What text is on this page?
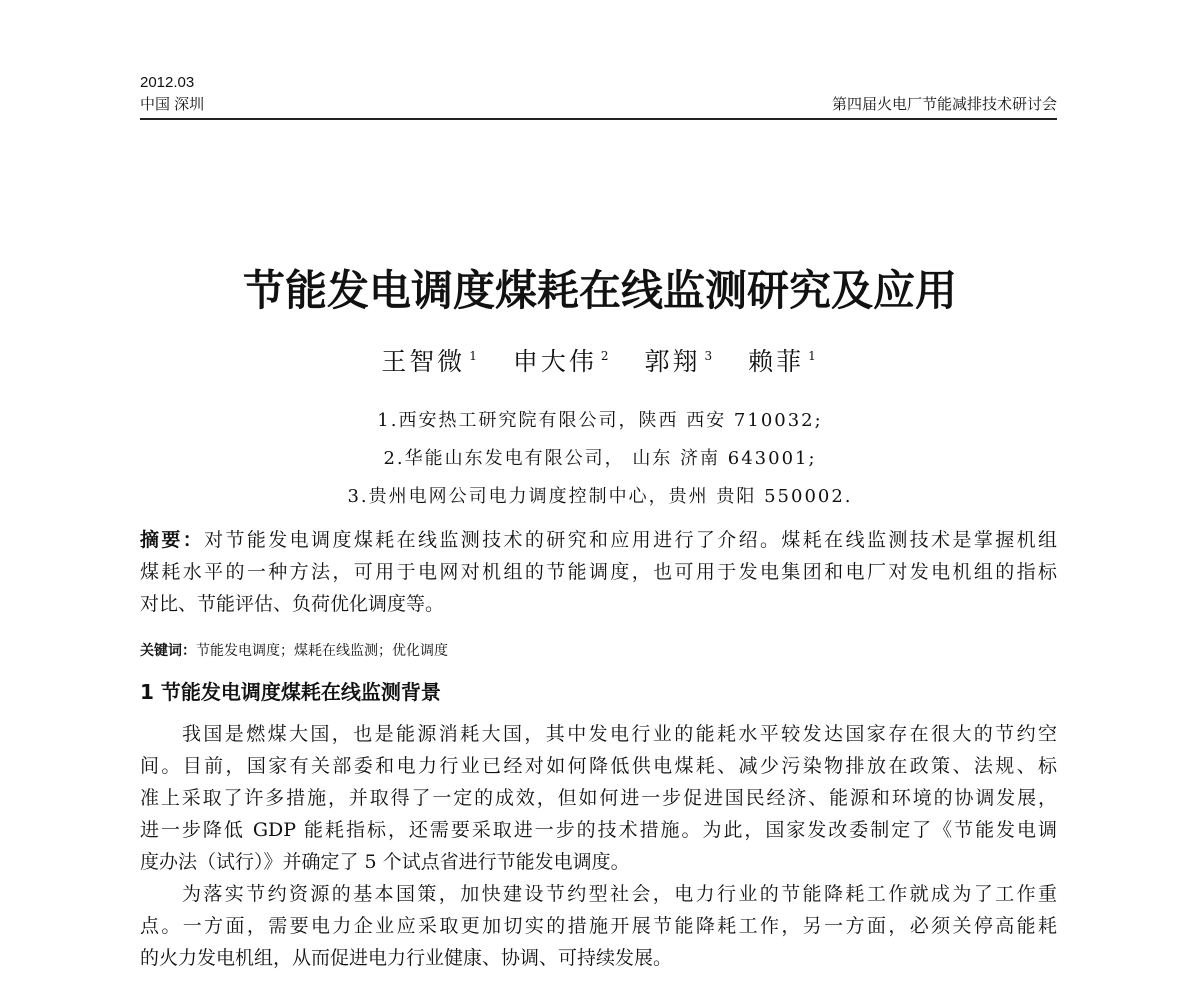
2012.03
中国 深圳	第四届火电厂节能减排技术研讨会
节能发电调度煤耗在线监测研究及应用
王智微 $^1$ 申大伟 $^2$ 郭翔 $^3$ 赖菲 $^1$
1.西安热工研究院有限公司，陕西 西安 710032;
2.华能山东发电有限公司， 山东 济南 643001;
3.贵州电网公司电力调度控制中心，贵州 贵阳 550002.
摘要：对节能发电调度煤耗在线监测技术的研究和应用进行了介绍。煤耗在线监测技术是掌握机组
煤耗水平的一种方法，可用于电网对机组的节能调度，也可用于发电集团和电厂对发电机组的指标
对比、节能评估、负荷优化调度等。
关键词：节能发电调度；煤耗在线监测；优化调度
1 节能发电调度煤耗在线监测背景
我国是燃煤大国，也是能源消耗大国，其中发电行业的能耗水平较发达国家存在很大的节约空
间。目前，国家有关部委和电力行业已经对如何降低供电煤耗、减少污染物排放在政策、法规、标
准上采取了许多措施，并取得了一定的成效，但如何进一步促进国民经济、能源和环境的协调发展，
进一步降低 GDP 能耗指标，还需要采取进一步的技术措施。为此，国家发改委制定了《节能发电调
度办法（试行）》并确定了 5 个试点省进行节能发电调度。
为落实节约资源的基本国策，加快建设节约型社会，电力行业的节能降耗工作就成为了工作重
点。一方面，需要电力企业应采取更加切实的措施开展节能降耗工作，另一方面，必须关停高能耗
的火力发电机组，从而促进电力行业健康、协调、可持续发展。
